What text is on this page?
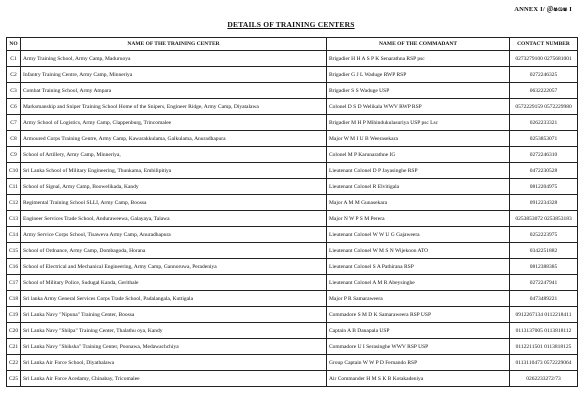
ANNEX I/ ＠ෂශෂ I
DETAILS OF TRAINING CENTERS
NO	NAME OF THE TRAINING CENTER	NAME OF THE COMMADANT	CONTACT NUMBER
C1	Army Training School, Army Camp, Maduruoya	Brigadier H H A S P K Senarathna RSP psc	0273279100 0275681001
C2	Infantry Training Centre, Army Camp, Minneriya	Brigadier G J L Waduge RWP RSP	0272246325
C3	Combat Training School, Army Ampara	Brigadier S S Waduge USP	0632222057
C6	Marksmanship and Sniper Training School Home of the Snipers, Engineer Ridge, Army Camp, Diyatalawa	Colonel D S D Welikala WWV RWP RSP	0572229159 0572229980
C7	Army School of Logistics, Army Camp, Clappenburg, Trincomalee	Brigadier M H P Mihindukulasuriya USP psc Lsc	0262233321
C8	Armoured Corps Training Centre, Army Camp, Kawarakkulama, Galkulama, Anuradhapura	Major W M I U B Weerasekara	0253853071
C9	School of Artillery, Army Camp, Minneriya,	Colonel M P Karunarathne IG	0272246310
C10	Sri Lanka School of Military Engineering, Thunkama, Embilipitiya	Lieutenant Colonel D P Jayasinghe RSP	0472230528
C11	School of Signal, Army Camp, Boowelikada, Kandy	Lieutenant Colonel R Elvitigala	0812204975
C12	Regimental Training School SLLI, Army Camp, Boossa	Major A M M Gunasekara	0912234328
C13	Engineer Services Trade School, Anduraweewa, Galayaya, Talawa	Major N W P S M Perera	0253853072 0253853183
C14	Army Service Corps School, Tisaweva Army Camp, Anuradhapura	Lieutenant Colonel W W U G Gajaweera	0252223975
C15	School of Ordnance, Army Camp, Dombagoda, Horana	Lieutenant Colonel W M S N Wijekoon ATO	0342251882
C16	School of Electrical and Mechanical Engineering, Army Camp, Gannoruwa, Peradeniya	Lieutenant Colonel S A Pathirana RSP	0812388385
C17	School of Military Police, Sudugal Kanda, Gerithale	Lieutenant Colonel A M R Abeysinghe	0272247941
C18	Sri lanka Army General Services Corps Trade School, Padalangala, Kuttigala	Major P R Samaraweera	0473489221
C19	Sri Lanka Navy "Nipuna" Training Center, Boossa	Commadore S M D K Samaraweera RSP USP	0912267134 0112218411
C20	Sri Lanka Navy "Shilpa" Training Center, Thalathu oya, Kandy	Captain A B Danapala USP	0113137005 0113818112
C21	Sri Lanka Navy "Shiksha" Training Center, Poonawa, Medawachchiya	Commadore U I Serasinghe WWV RSP USP	0112211501 0113818125
C22	Sri Lanka Air Force School, Diyathalawa	Group Captain W W P D Fernando RSP	0113110473 0572229064
C25	Sri Lanka Air Force Acedamy, Chinabay, Tricomalee	Air Commander H M S K B Kotakadeniya	0262233272/73
